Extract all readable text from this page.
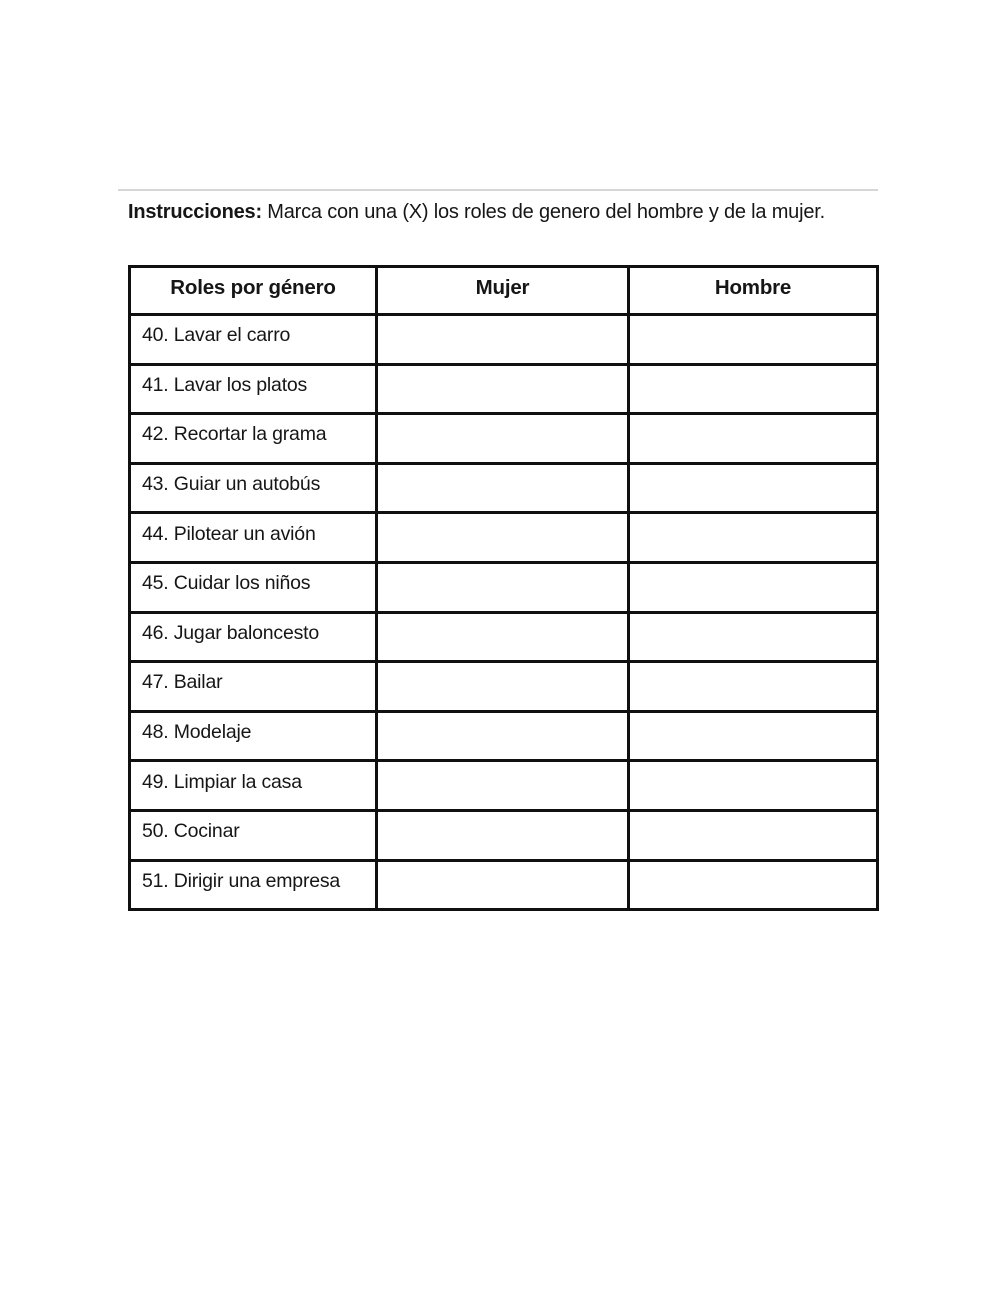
Instrucciones: Marca con una (X) los roles de genero del hombre y de la mujer.

Roles por género	Mujer	Hombre
40. Lavar el carro		
41. Lavar los platos		
42. Recortar la grama		
43. Guiar un autobús		
44. Pilotear un avión		
45. Cuidar los niños		
46. Jugar baloncesto		
47. Bailar		
48. Modelaje		
49. Limpiar la casa		
50. Cocinar		
51. Dirigir una empresa		
